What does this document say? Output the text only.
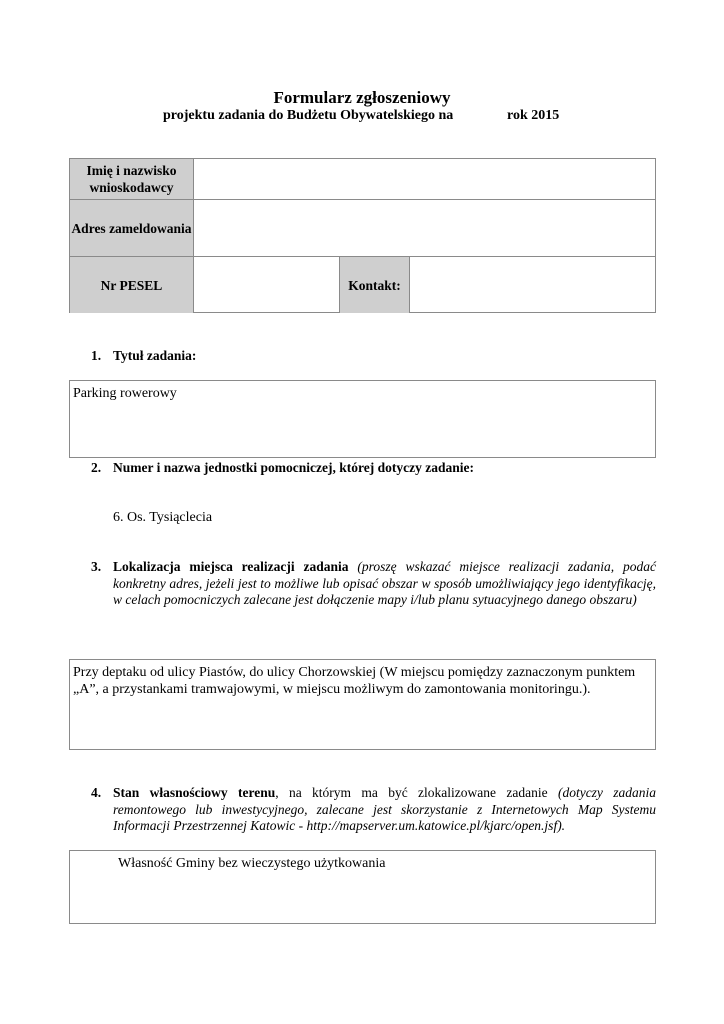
Formularz zgłoszeniowy
projektu zadania do Budżetu Obywatelskiego na	rok 2015
Imię i nazwisko wnioskodawcy
Adres zameldowania
Nr PESEL	Kontakt:
1. Tytuł zadania:
Parking rowerowy
2. Numer i nazwa jednostki pomocniczej, której dotyczy zadanie:
6. Os. Tysiąclecia
3. Lokalizacja miejsca realizacji zadania (proszę wskazać miejsce realizacji zadania, podać konkretny adres, jeżeli jest to możliwe lub opisać obszar w sposób umożliwiający jego identyfikację, w celach pomocniczych zalecane jest dołączenie mapy i/lub planu sytuacyjnego danego obszaru)
Przy deptaku od ulicy Piastów, do ulicy Chorzowskiej (W miejscu pomiędzy zaznaczonym punktem „A”, a przystankami tramwajowymi, w miejscu możliwym do zamontowania monitoringu.).
4. Stan własnościowy terenu, na którym ma być zlokalizowane zadanie (dotyczy zadania remontowego lub inwestycyjnego, zalecane jest skorzystanie z Internetowych Map Systemu Informacji Przestrzennej Katowic - http://mapserver.um.katowice.pl/kjarc/open.jsf).
Własność Gminy bez wieczystego użytkowania
